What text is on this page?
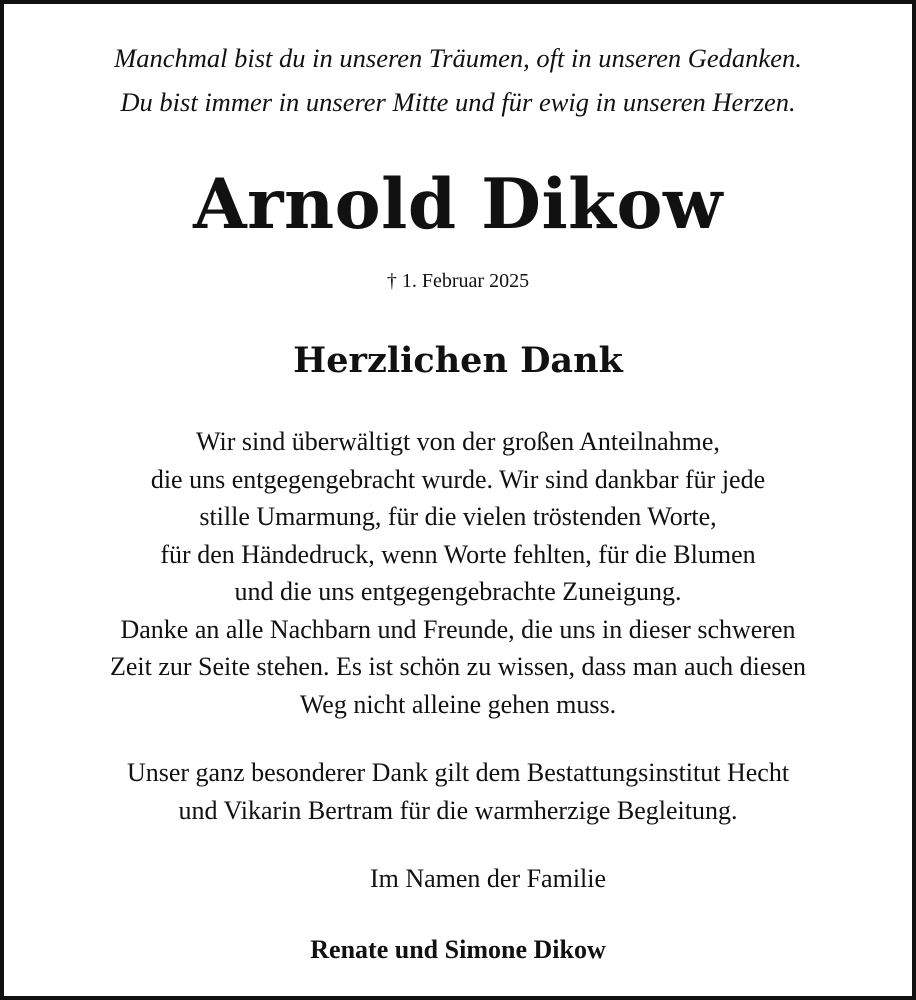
Manchmal bist du in unseren Träumen, oft in unseren Gedanken.
Du bist immer in unserer Mitte und für ewig in unseren Herzen.
Arnold Dikow
† 1. Februar 2025
Herzlichen Dank
Wir sind überwältigt von der großen Anteilnahme,
die uns entgegengebracht wurde. Wir sind dankbar für jede
stille Umarmung, für die vielen tröstenden Worte,
für den Händedruck, wenn Worte fehlten, für die Blumen
und die uns entgegengebrachte Zuneigung.
Danke an alle Nachbarn und Freunde, die uns in dieser schweren
Zeit zur Seite stehen. Es ist schön zu wissen, dass man auch diesen
Weg nicht alleine gehen muss.
Unser ganz besonderer Dank gilt dem Bestattungsinstitut Hecht
und Vikarin Bertram für die warmherzige Begleitung.
Im Namen der Familie
Renate und Simone Dikow
